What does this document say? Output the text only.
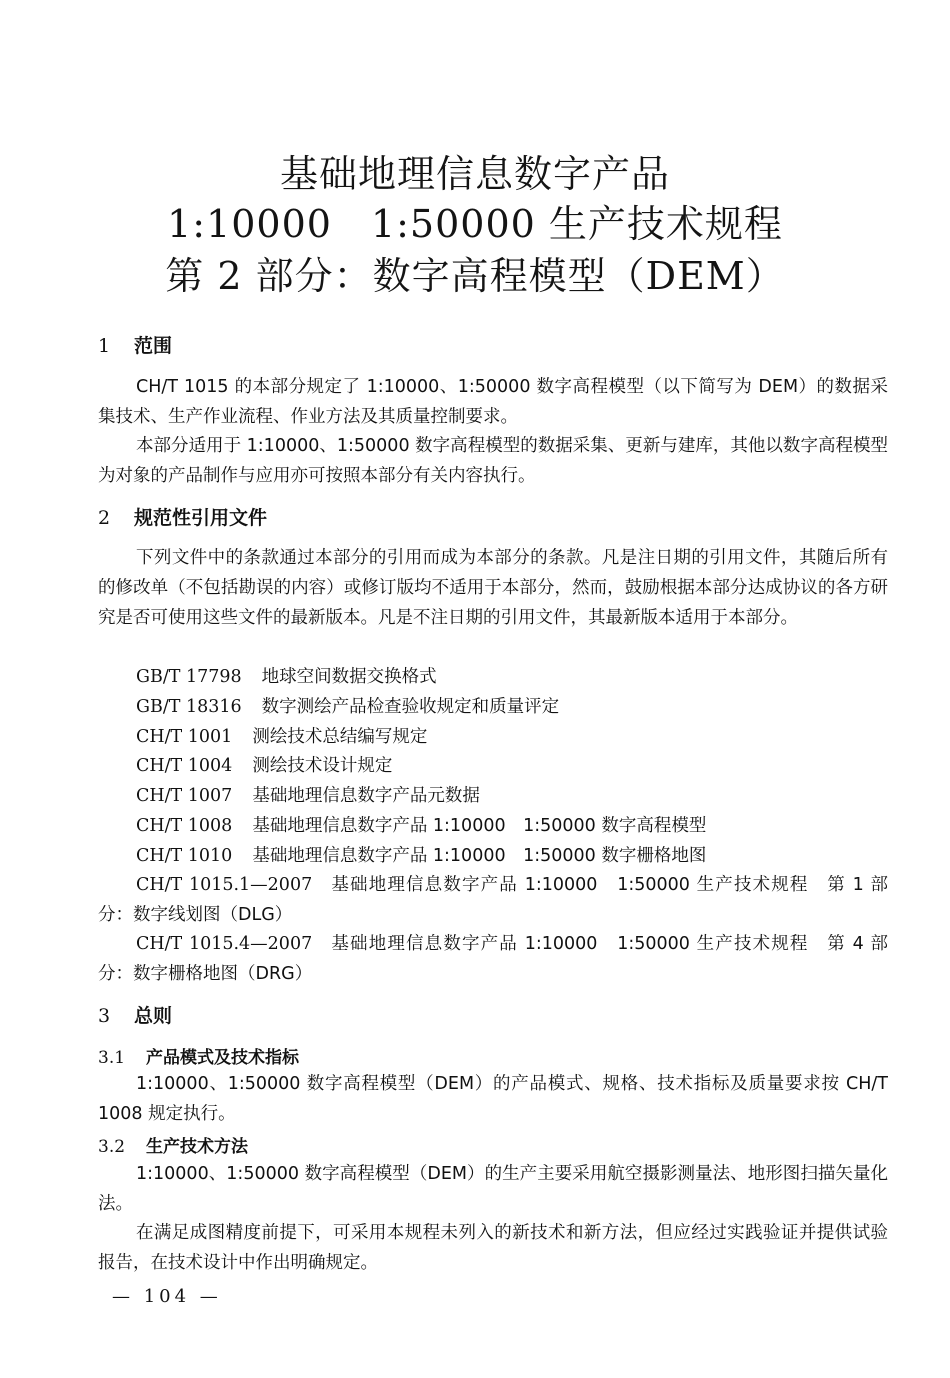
基础地理信息数字产品
1:10000　1:50000 生产技术规程
第 2 部分：数字高程模型（DEM）
1 范围

CH/T 1015 的本部分规定了 1:10000、1:50000 数字高程模型（以下简写为 DEM）的数据采集技术、生产作业流程、作业方法及其质量控制要求。

本部分适用于 1:10000、1:50000 数字高程模型的数据采集、更新与建库，其他以数字高程模型为对象的产品制作与应用亦可按照本部分有关内容执行。

2 规范性引用文件

下列文件中的条款通过本部分的引用而成为本部分的条款。凡是注日期的引用文件，其随后所有的修改单（不包括勘误的内容）或修订版均不适用于本部分，然而，鼓励根据本部分达成协议的各方研究是否可使用这些文件的最新版本。凡是不注日期的引用文件，其最新版本适用于本部分。

GB/T 17798 地球空间数据交换格式
GB/T 18316 数字测绘产品检查验收规定和质量评定
CH/T 1001 测绘技术总结编写规定
CH/T 1004 测绘技术设计规定
CH/T 1007 基础地理信息数字产品元数据
CH/T 1008 基础地理信息数字产品 1:10000　1:50000 数字高程模型
CH/T 1010 基础地理信息数字产品 1:10000　1:50000 数字栅格地图

CH/T 1015.1—2007 基础地理信息数字产品 1:10000　1:50000 生产技术规程　第 1 部分：数字线划图（DLG）

CH/T 1015.4—2007 基础地理信息数字产品 1:10000　1:50000 生产技术规程　第 4 部分：数字栅格地图（DRG）

3 总则
3.1 产品模式及技术指标

1:10000、1:50000 数字高程模型（DEM）的产品模式、规格、技术指标及质量要求按 CH/T 1008 规定执行。

3.2 生产技术方法

1:10000、1:50000 数字高程模型（DEM）的生产主要采用航空摄影测量法、地形图扫描矢量化法。

在满足成图精度前提下，可采用本规程未列入的新技术和新方法，但应经过实践验证并提供试验报告，在技术设计中作出明确规定。

— 104 —
